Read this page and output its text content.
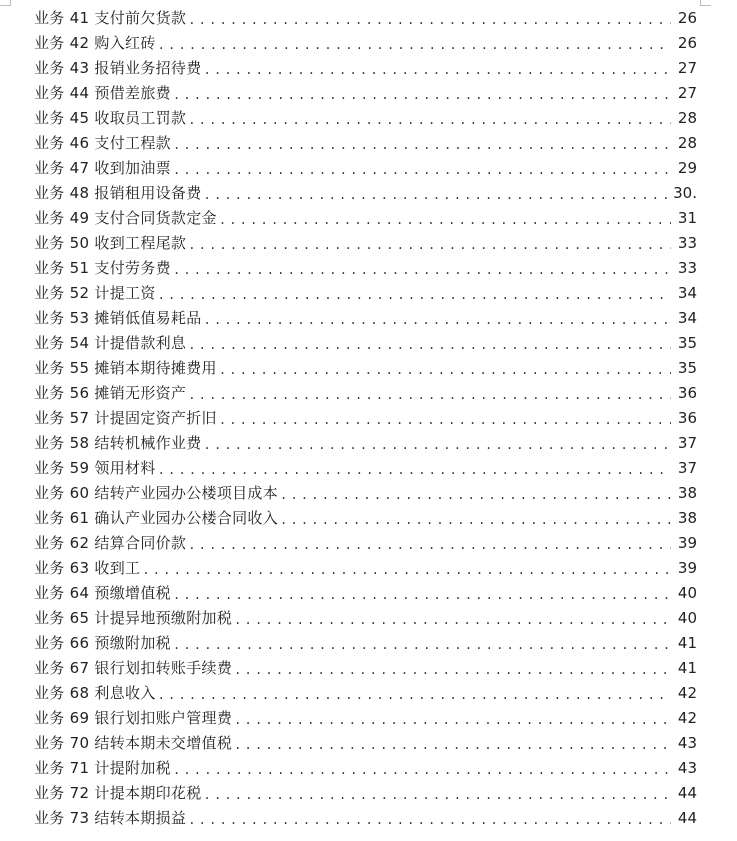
业务 41 支付前欠货款 .....	26
业务 42 购入红砖 .....	26
业务 43 报销业务招待费 .....	27
业务 44 预借差旅费 .....	27
业务 45 收取员工罚款 .....	28
业务 46 支付工程款 .....	28
业务 47 收到加油票 .....	29
业务 48 报销租用设备费 .....	30.
业务 49 支付合同货款定金 .....	31
业务 50 收到工程尾款 .....	33
业务 51 支付劳务费 .....	33
业务 52 计提工资 .....	34
业务 53 摊销低值易耗品 .....	34
业务 54 计提借款利息 .....	35
业务 55 摊销本期待摊费用 .....	35
业务 56 摊销无形资产 .....	36
业务 57 计提固定资产折旧 .....	36
业务 58 结转机械作业费 .....	37
业务 59 领用材料 .....	37
业务 60 结转产业园办公楼项目成本 .....	38
业务 61 确认产业园办公楼合同收入 .....	38
业务 62 结算合同价款 .....	39
业务 63 收到工 .....	39
业务 64 预缴增值税 .....	40
业务 65 计提异地预缴附加税 .....	40
业务 66 预缴附加税 .....	41
业务 67 银行划扣转账手续费 .....	41
业务 68 利息收入 .....	42
业务 69 银行划扣账户管理费 .....	42
业务 70 结转本期未交增值税 .....	43
业务 71 计提附加税 .....	43
业务 72 计提本期印花税 .....	44
业务 73 结转本期损益 .....	44
